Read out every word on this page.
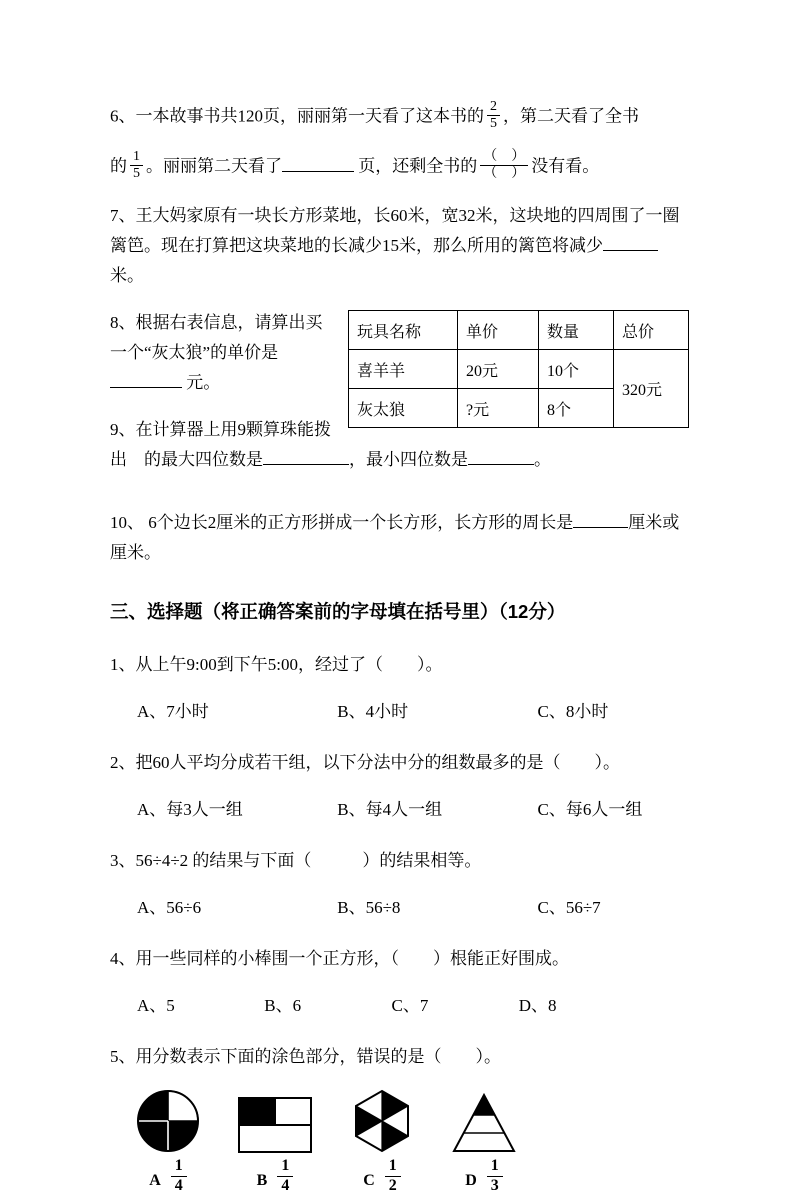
6、一本故事书共120页，丽丽第一天看了这本书的 $\frac{2}{5}$ ，第二天看了全书

的 $\frac{1}{5}$ 。丽丽第二天看了	页，还剩全书的 $\frac{( )}{( )}$ 没有看。

7、王大妈家原有一块长方形菜地，长60米，宽32米，这块地的四周围了一圈篱笆。现在打算把这块菜地的长减少15米，那么所用的篱笆将减少米。

玩具名称	单价	数量	总价
喜羊羊	20元	10个	320元
灰太狼	?元	8个	

8、根据右表信息，请算出买一个“灰太狼”的单价是 元。

9、在计算器上用9颗算珠能拨出　的最大四位数是	，最小四位数是	。

10、 6个边长2厘米的正方形拼成一个长方形，长方形的周长是	厘米或厘米。

三、选择题（将正确答案前的字母填在括号里）（12分）

1、从上午9:00到下午5:00，经过了（　　）。

A、7小时	B、4小时	C、8小时

2、把60人平均分成若干组，以下分法中分的组数最多的是（　　）。

A、每3人一组	B、每4人一组	C、每6人一组

3、56÷4÷2 的结果与下面（　　　）的结果相等。

A、56÷6	B、56÷8	C、56÷7

4、用一些同样的小棒围一个正方形，（　　）根能正好围成。

A、5	B、6	C、7	D、8

5、用分数表示下面的涂色部分，错误的是（　　）。

A $\frac{1}{4}$	B $\frac{1}{4}$	C $\frac{1}{2}$	D $\frac{1}{3}$
